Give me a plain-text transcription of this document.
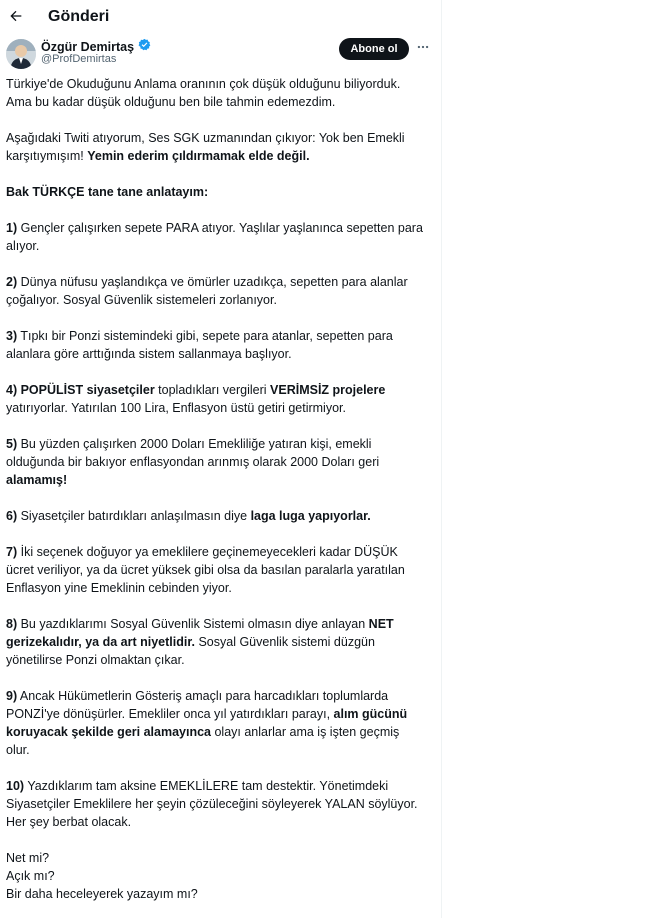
Gönderi
Özgür Demirtaş
@ProfDemirtas
Abone ol

Türkiye'de Okuduğunu Anlama oranının çok düşük olduğunu biliyorduk. Ama bu kadar düşük olduğunu ben bile tahmin edemezdim.

Aşağıdaki Twiti atıyorum, Ses SGK uzmanından çıkıyor: Yok ben Emekli karşıtıymışım! Yemin ederim çıldırmamak elde değil.

Bak TÜRKÇE tane tane anlatayım:

1) Gençler çalışırken sepete PARA atıyor. Yaşlılar yaşlanınca sepetten para alıyor.

2) Dünya nüfusu yaşlandıkça ve ömürler uzadıkça, sepetten para alanlar çoğalıyor. Sosyal Güvenlik sistemeleri zorlanıyor.

3) Tıpkı bir Ponzi sistemindeki gibi, sepete para atanlar, sepetten para alanlara göre arttığında sistem sallanmaya başlıyor.

4) POPÜLİST siyasetçiler topladıkları vergileri VERİMSİZ projelere yatırıyorlar. Yatırılan 100 Lira, Enflasyon üstü getiri getirmiyor.

5) Bu yüzden çalışırken 2000 Doları Emekliliğe yatıran kişi, emekli olduğunda bir bakıyor enflasyondan arınmış olarak 2000 Doları geri alamamış!

6) Siyasetçiler batırdıkları anlaşılmasın diye laga luga yapıyorlar.

7) İki seçenek doğuyor ya emeklilere geçinemeyecekleri kadar DÜŞÜK ücret veriliyor, ya da ücret yüksek gibi olsa da basılan paralarla yaratılan Enflasyon yine Emeklinin cebinden yiyor.

8) Bu yazdıklarımı Sosyal Güvenlik Sistemi olmasın diye anlayan NET gerizekalıdır, ya da art niyetlidir. Sosyal Güvenlik sistemi düzgün yönetilirse Ponzi olmaktan çıkar.

9) Ancak Hükümetlerin Gösteriş amaçlı para harcadıkları toplumlarda PONZİ'ye dönüşürler. Emekliler onca yıl yatırdıkları parayı, alım gücünü koruyacak şekilde geri alamayınca olayı anlarlar ama iş işten geçmiş olur.

10) Yazdıklarım tam aksine EMEKLİLERE tam destektir. Yönetimdeki Siyasetçiler Emeklilere her şeyin çözüleceğini söyleyerek YALAN söylüyor. Her şey berbat olacak.

Net mi?

Açık mı?

Bir daha heceleyerek yazayım mı?
